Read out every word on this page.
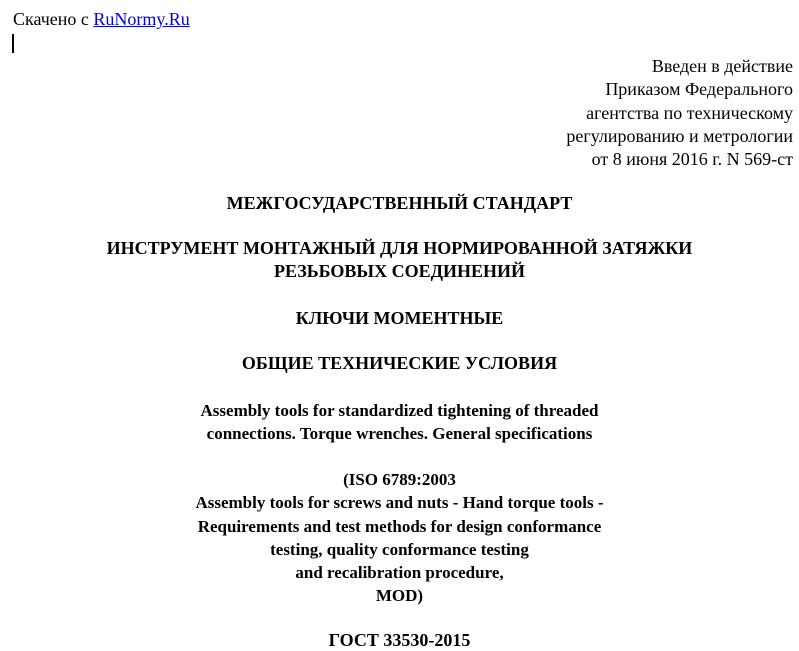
Скачено с RuNormy.Ru
Введен в действие
Приказом Федерального
агентства по техническому
регулированию и метрологии
от 8 июня 2016 г. N 569-ст
МЕЖГОСУДАРСТВЕННЫЙ СТАНДАРТ
ИНСТРУМЕНТ МОНТАЖНЫЙ ДЛЯ НОРМИРОВАННОЙ ЗАТЯЖКИ
РЕЗЬБОВЫХ СОЕДИНЕНИЙ
КЛЮЧИ МОМЕНТНЫЕ
ОБЩИЕ ТЕХНИЧЕСКИЕ УСЛОВИЯ
Assembly tools for standardized tightening of threaded
connections. Torque wrenches. General specifications
(ISO 6789:2003
Assembly tools for screws and nuts - Hand torque tools -
Requirements and test methods for design conformance
testing, quality conformance testing
and recalibration procedure,
MOD)
ГОСТ 33530-2015
